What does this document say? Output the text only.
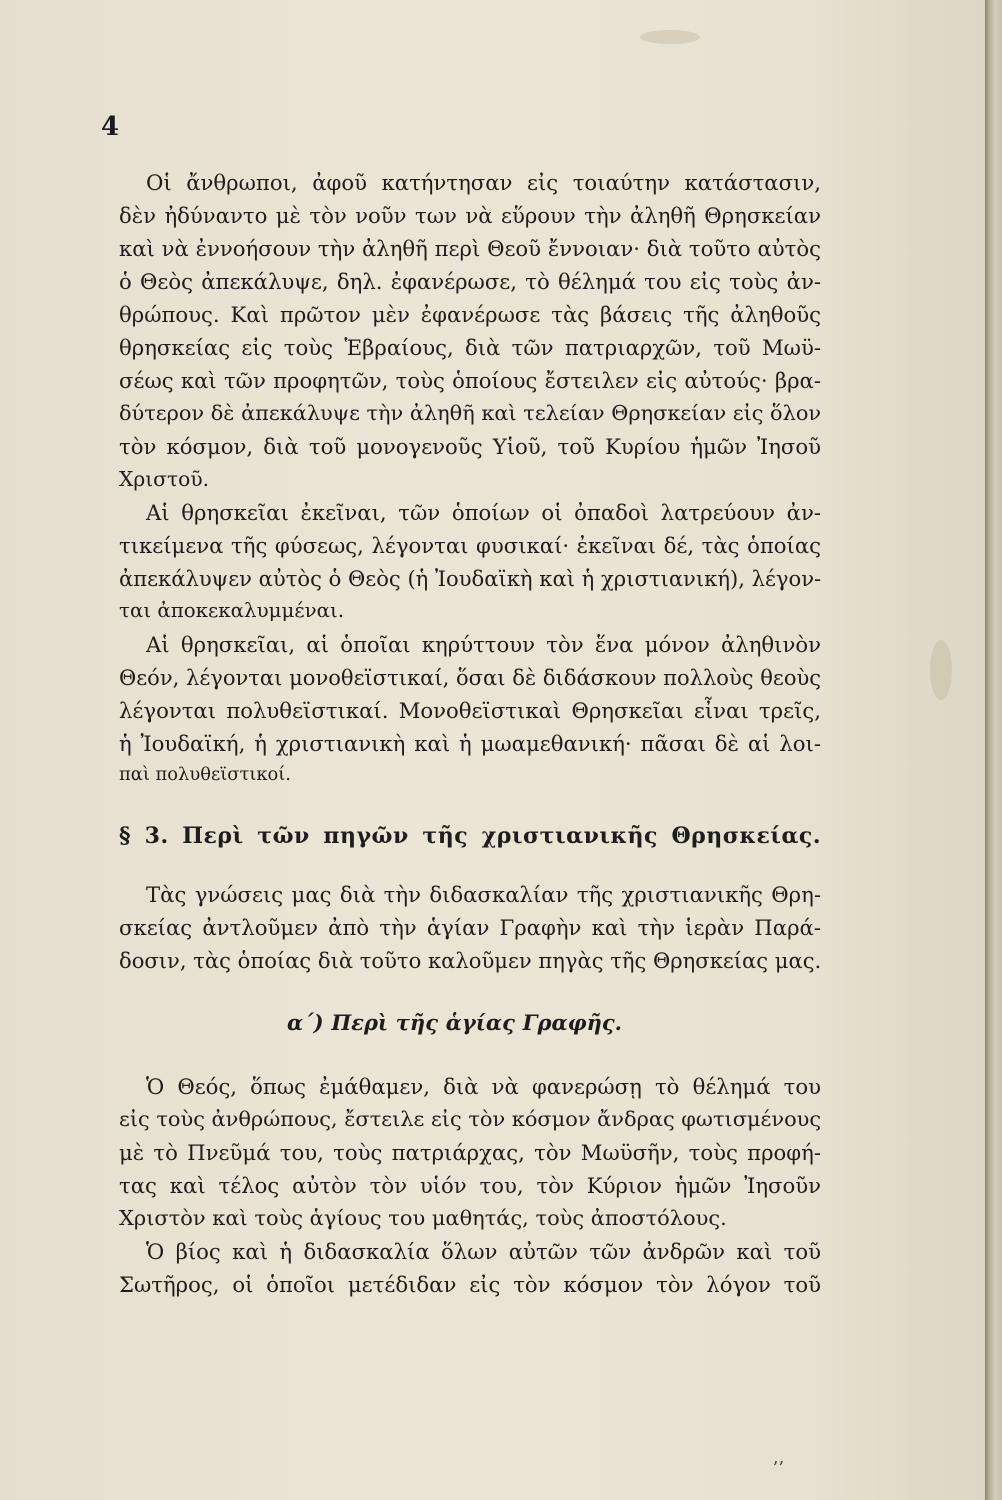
4

Οἱ ἄνθρωποι, ἀφοῦ κατήντησαν εἰς τοιαύτην κατάστασιν,

δὲν ἠδύναντο μὲ τὸν νοῦν των νὰ εὕρουν τὴν ἀληθῆ Θρησκείαν

καὶ νὰ ἐννοήσουν τὴν ἀληθῆ περὶ Θεοῦ ἔννοιαν· διὰ τοῦτο αὐτὸς

ὁ Θεὸς ἀπεκάλυψε, δηλ. ἐφανέρωσε, τὸ θέλημά του εἰς τοὺς ἀν-

θρώπους. Καὶ πρῶτον μὲν ἐφανέρωσε τὰς βάσεις τῆς ἀληθοῦς

θρησκείας εἰς τοὺς Ἑβραίους, διὰ τῶν πατριαρχῶν, τοῦ Μωϋ-

σέως καὶ τῶν προφητῶν, τοὺς ὁποίους ἔστειλεν εἰς αὐτούς· βρα-

δύτερον δὲ ἀπεκάλυψε τὴν ἀληθῆ καὶ τελείαν Θρησκείαν εἰς ὅλον

τὸν κόσμον, διὰ τοῦ μονογενοῦς Υἱοῦ, τοῦ Κυρίου ἡμῶν Ἰησοῦ

Χριστοῦ.

Αἱ θρησκεῖαι ἐκεῖναι, τῶν ὁποίων οἱ ὀπαδοὶ λατρεύουν ἀν-

τικείμενα τῆς φύσεως, λέγονται φυσικαί· ἐκεῖναι δέ, τὰς ὁποίας

ἀπεκάλυψεν αὐτὸς ὁ Θεὸς (ἡ Ἰουδαϊκὴ καὶ ἡ χριστιανική), λέγον-

ται ἀποκεκαλυμμέναι.

Αἱ θρησκεῖαι, αἱ ὁποῖαι κηρύττουν τὸν ἕνα μόνον ἀληθινὸν

Θεόν, λέγονται μονοθεϊστικαί, ὅσαι δὲ διδάσκουν πολλοὺς θεοὺς

λέγονται πολυθεϊστικαί. Μονοθεϊστικαὶ Θρησκεῖαι εἶναι τρεῖς,

ἡ Ἰουδαϊκή, ἡ χριστιανικὴ καὶ ἡ μωαμεθανική· πᾶσαι δὲ αἱ λοι-

παὶ πολυθεϊστικοί.

§ 3. Περὶ τῶν πηγῶν τῆς χριστιανικῆς Θρησκείας.

Τὰς γνώσεις μας διὰ τὴν διδασκαλίαν τῆς χριστιανικῆς Θρη-

σκείας ἀντλοῦμεν ἀπὸ τὴν ἁγίαν Γραφὴν καὶ τὴν ἱερὰν Παρά-

δοσιν, τὰς ὁποίας διὰ τοῦτο καλοῦμεν πηγὰς τῆς Θρησκείας μας.

α΄) Περὶ τῆς ἁγίας Γραφῆς.

Ὁ Θεός, ὅπως ἐμάθαμεν, διὰ νὰ φανερώσῃ τὸ θέλημά του

εἰς τοὺς ἀνθρώπους, ἔστειλε εἰς τὸν κόσμον ἄνδρας φωτισμένους

μὲ τὸ Πνεῦμά του, τοὺς πατριάρχας, τὸν Μωϋσῆν, τοὺς προφή-

τας καὶ τέλος αὐτὸν τὸν υἱόν του, τὸν Κύριον ἡμῶν Ἰησοῦν

Χριστὸν καὶ τοὺς ἁγίους του μαθητάς, τοὺς ἀποστόλους.

Ὁ βίος καὶ ἡ διδασκαλία ὅλων αὐτῶν τῶν ἀνδρῶν καὶ τοῦ

Σωτῆρος, οἱ ὁποῖοι μετέδιδαν εἰς τὸν κόσμον τὸν λόγον τοῦ

ʼʼ
